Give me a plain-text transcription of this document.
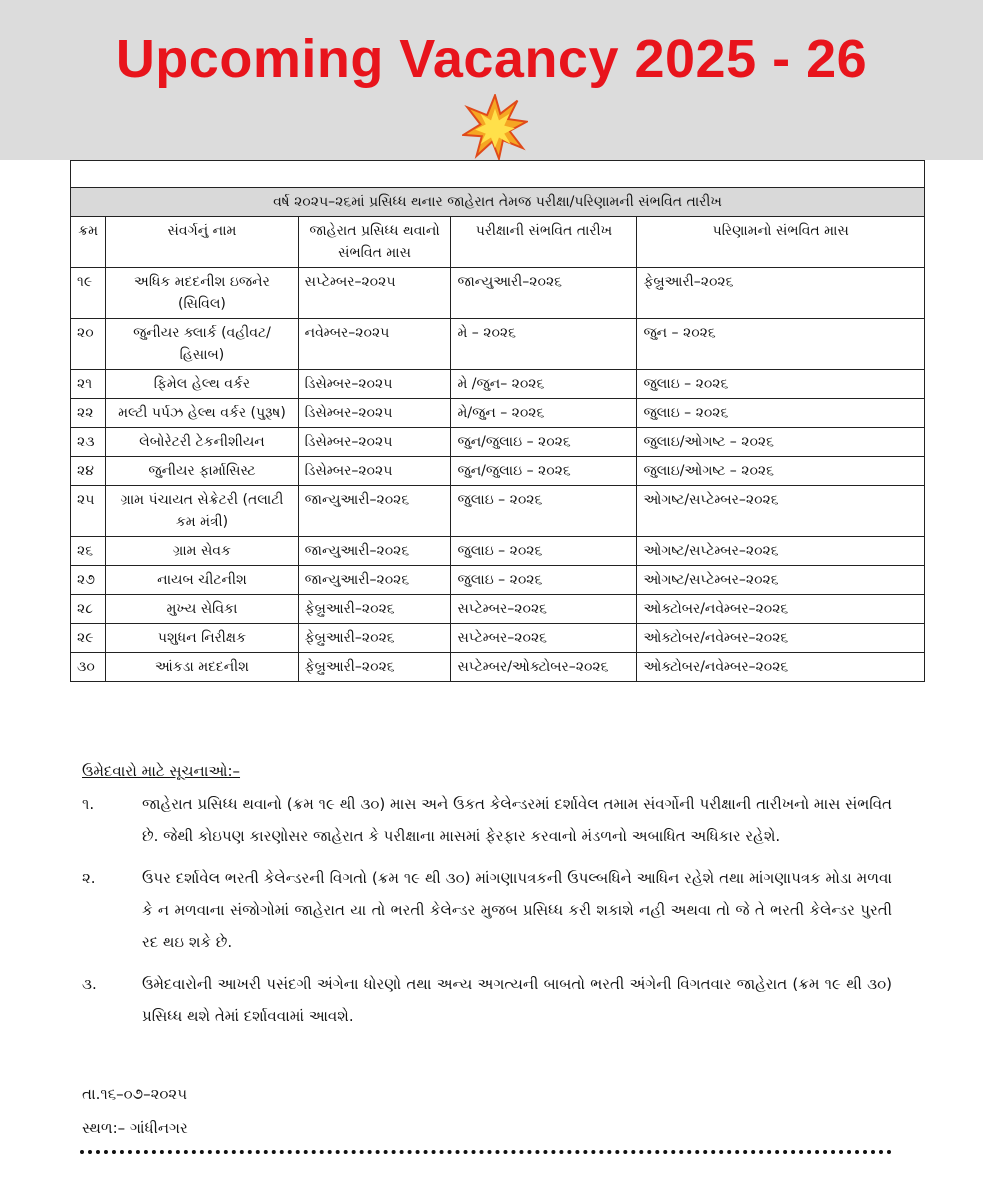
Upcoming Vacancy 2025 - 26

વર્ષ ૨૦૨૫–૨૬માં પ્રસિધ્ધ થનાર જાહેરાત તેમજ પરીક્ષા/પરિણામની સંભવિત તારીખ				
ક્રમ	સંવર્ગનું નામ	જાહેરાત પ્રસિધ્ધ થવાનો સંભવિત માસ	પરીક્ષાની સંભવિત તારીખ	પરિણામનો સંભવિત માસ
૧૯	અધિક મદદનીશ ઇજનેર (સિવિલ)	સપ્ટેમ્બર–૨૦૨૫	જાન્યુઆરી–૨૦૨૬	ફેબ્રુઆરી–૨૦૨૬
૨૦	જુનીયર ક્લાર્ક (વહીવટ/હિસાબ)	નવેમ્બર–૨૦૨૫	મે – ૨૦૨૬	જુન – ૨૦૨૬
૨૧	ફિમેલ હેલ્થ વર્કર	ડિસેમ્બર–૨૦૨૫	મે /જુન– ૨૦૨૬	જુલાઇ – ૨૦૨૬
૨૨	મલ્ટી પર્પઝ હેલ્થ વર્કર (પુરૂષ)	ડિસેમ્બર–૨૦૨૫	મે/જુન – ૨૦૨૬	જુલાઇ – ૨૦૨૬
૨૩	લેબોરેટરી ટેકનીશીયન	ડિસેમ્બર–૨૦૨૫	જુન/જુલાઇ – ૨૦૨૬	જુલાઇ/ઓગષ્ટ – ૨૦૨૬
૨૪	જુનીયર ફાર્માસિસ્ટ	ડિસેમ્બર–૨૦૨૫	જુન/જુલાઇ – ૨૦૨૬	જુલાઇ/ઓગષ્ટ – ૨૦૨૬
૨૫	ગ્રામ પંચાયત સેક્રેટરી (તલાટી કમ મંત્રી)	જાન્યુઆરી–૨૦૨૬	જુલાઇ – ૨૦૨૬	ઓગષ્ટ/સપ્ટેમ્બર–૨૦૨૬
૨૬	ગ્રામ સેવક	જાન્યુઆરી–૨૦૨૬	જુલાઇ – ૨૦૨૬	ઓગષ્ટ/સપ્ટેમ્બર–૨૦૨૬
૨૭	નાયબ ચીટનીશ	જાન્યુઆરી–૨૦૨૬	જુલાઇ – ૨૦૨૬	ઓગષ્ટ/સપ્ટેમ્બર–૨૦૨૬
૨૮	મુખ્ય સેવિકા	ફેબ્રુઆરી–૨૦૨૬	સપ્ટેમ્બર–૨૦૨૬	ઓક્ટોબર/નવેમ્બર–૨૦૨૬
૨૯	પશુધન નિરીક્ષક	ફેબ્રુઆરી–૨૦૨૬	સપ્ટેમ્બર–૨૦૨૬	ઓક્ટોબર/નવેમ્બર–૨૦૨૬
૩૦	આંકડા મદદનીશ	ફેબ્રુઆરી–૨૦૨૬	સપ્ટેમ્બર/ઓક્ટોબર–૨૦૨૬	ઓક્ટોબર/નવેમ્બર–૨૦૨૬
ઉમેદવારો માટે સૂચનાઓ:–
૧.	જાહેરાત પ્રસિધ્ધ થવાનો (ક્રમ ૧૯ થી ૩૦) માસ અને ઉકત કેલેન્ડરમાં દર્શાવેલ તમામ સંવર્ગોની પરીક્ષાની તારીખનો માસ સંભવિત છે. જેથી કોઇપણ કારણોસર જાહેરાત કે પરીક્ષાના માસમાં ફેરફાર કરવાનો મંડળનો અબાધિત અધિકાર રહેશે.
૨.	ઉપર દર્શાવેલ ભરતી કેલેન્ડરની વિગતો (ક્રમ ૧૯ થી ૩૦) માંગણાપત્રકની ઉપલ્બધિને આધિન રહેશે તથા માંગણાપત્રક મોડા મળવા કે ન મળવાના સંજોગોમાં જાહેરાત યા તો ભરતી કેલેન્ડર મુજબ પ્રસિધ્ધ કરી શકાશે નહી અથવા તો જે તે ભરતી કેલેન્ડર પુરતી રદ થઇ શકે છે.
૩.	ઉમેદવારોની આખરી પસંદગી અંગેના ધોરણો તથા અન્ય અગત્યની બાબતો ભરતી અંગેની વિગતવાર જાહેરાત (ક્રમ ૧૯ થી ૩૦) પ્રસિધ્ધ થશે તેમાં દર્શાવવામાં આવશે.
તા.૧૬–૦૭–૨૦૨૫
સ્થળ:– ગાંધીનગર
